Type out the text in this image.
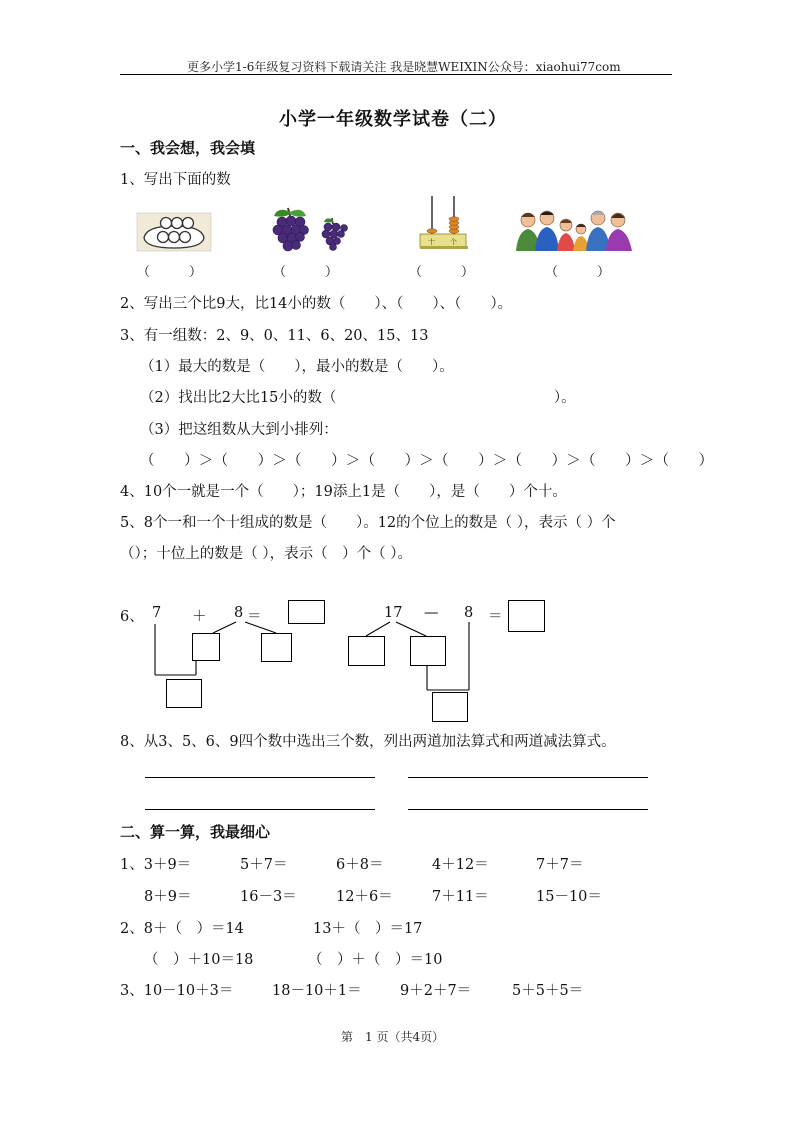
更多小学1-6年级复习资料下载请关注 我是晓慧WEIXIN公众号：xiaohui77com
小学一年级数学试卷（二）
一、我会想，我会填
1、写出下面的数
十 个
（　　　）	（　　　）	（　　　）	（　　　）
2、写出三个比9大，比14小的数（　　）、（　　）、（　　）。
3、有一组数：2、9、0、11、6、20、15、13
（1）最大的数是（　　），最小的数是（　　）。
（2）找出比2大比15小的数（　　　　　　　　　　　　　　　）。
（3）把这组数从大到小排列：
（　　）＞（　　）＞（　　）＞（　　）＞（　　）＞（　　）＞（　　）＞（　　）
4、10个一就是一个（　　）；19添上1是（　　），是（　　）个十。
5、8个一和一个十组成的数是（　　）。12的个位上的数是（ ），表示（ ）个
（）；十位上的数是（ ），表示（　）个（ ）。
6、 7 ＋ 8 ＝	17 — 8 ＝
8、从3、5、6、9四个数中选出三个数，列出两道加法算式和两道减法算式。
二、算一算，我最细心
1、3＋9＝	5＋7＝	6＋8＝	4＋12＝	7＋7＝
8＋9＝	16－3＝	12＋6＝	7＋11＝	15－10＝
2、8＋（　）＝14	13＋（　）＝17
（　）＋10＝18	（　）＋（　）＝10
3、10－10＋3＝	18－10＋1＝	9＋2＋7＝	5＋5＋5＝
第　1 页（共4页）
